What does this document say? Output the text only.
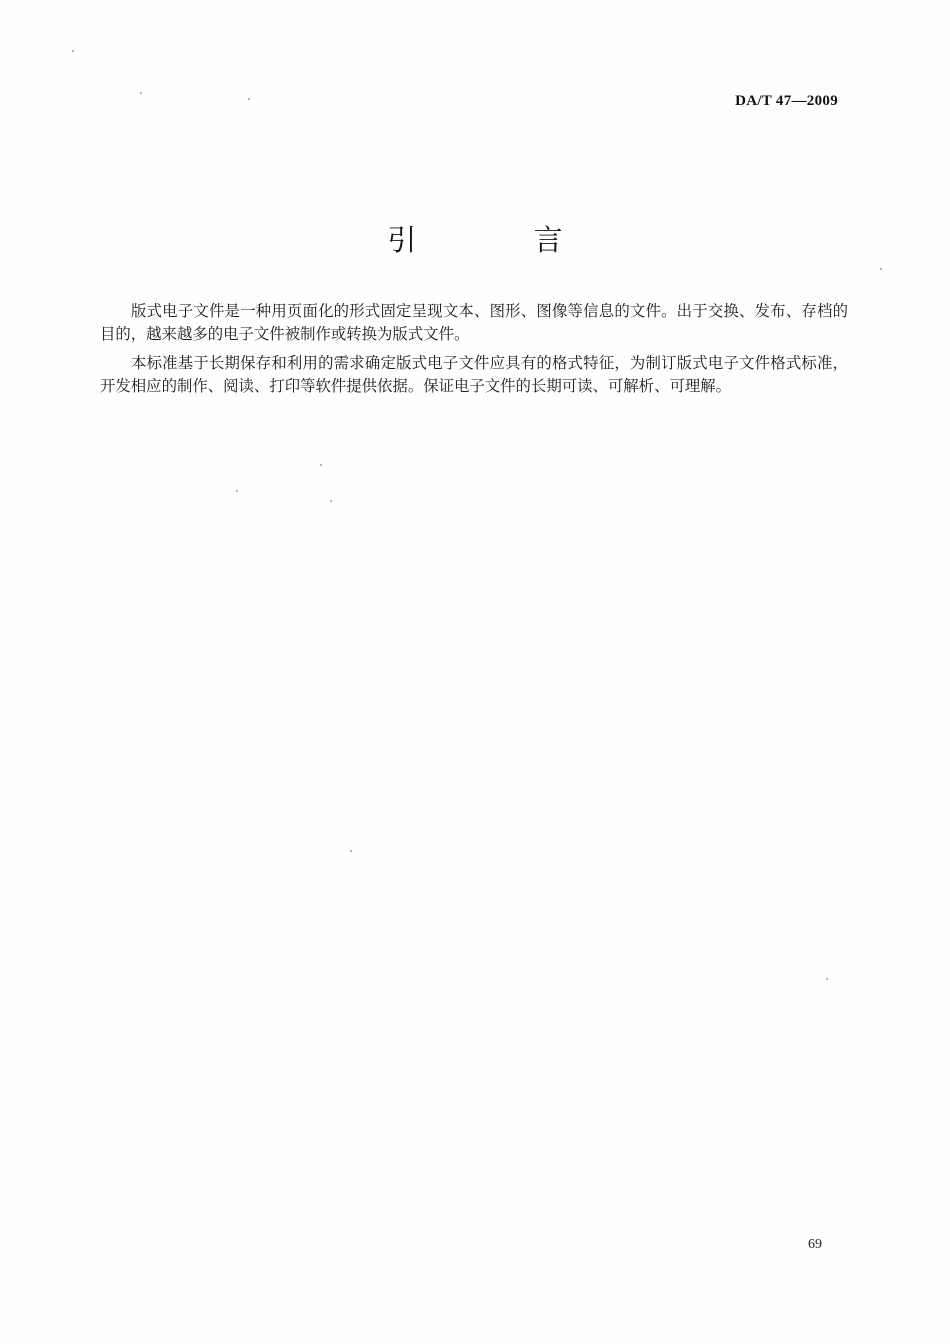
DA/T 47—2009
引 言

版式电子文件是一种用页面化的形式固定呈现文本、图形、图像等信息的文件。出于交换、发布、存档的目的，越来越多的电子文件被制作或转换为版式文件。

本标准基于长期保存和利用的需求确定版式电子文件应具有的格式特征，为制订版式电子文件格式标准，开发相应的制作、阅读、打印等软件提供依据。保证电子文件的长期可读、可解析、可理解。

69
